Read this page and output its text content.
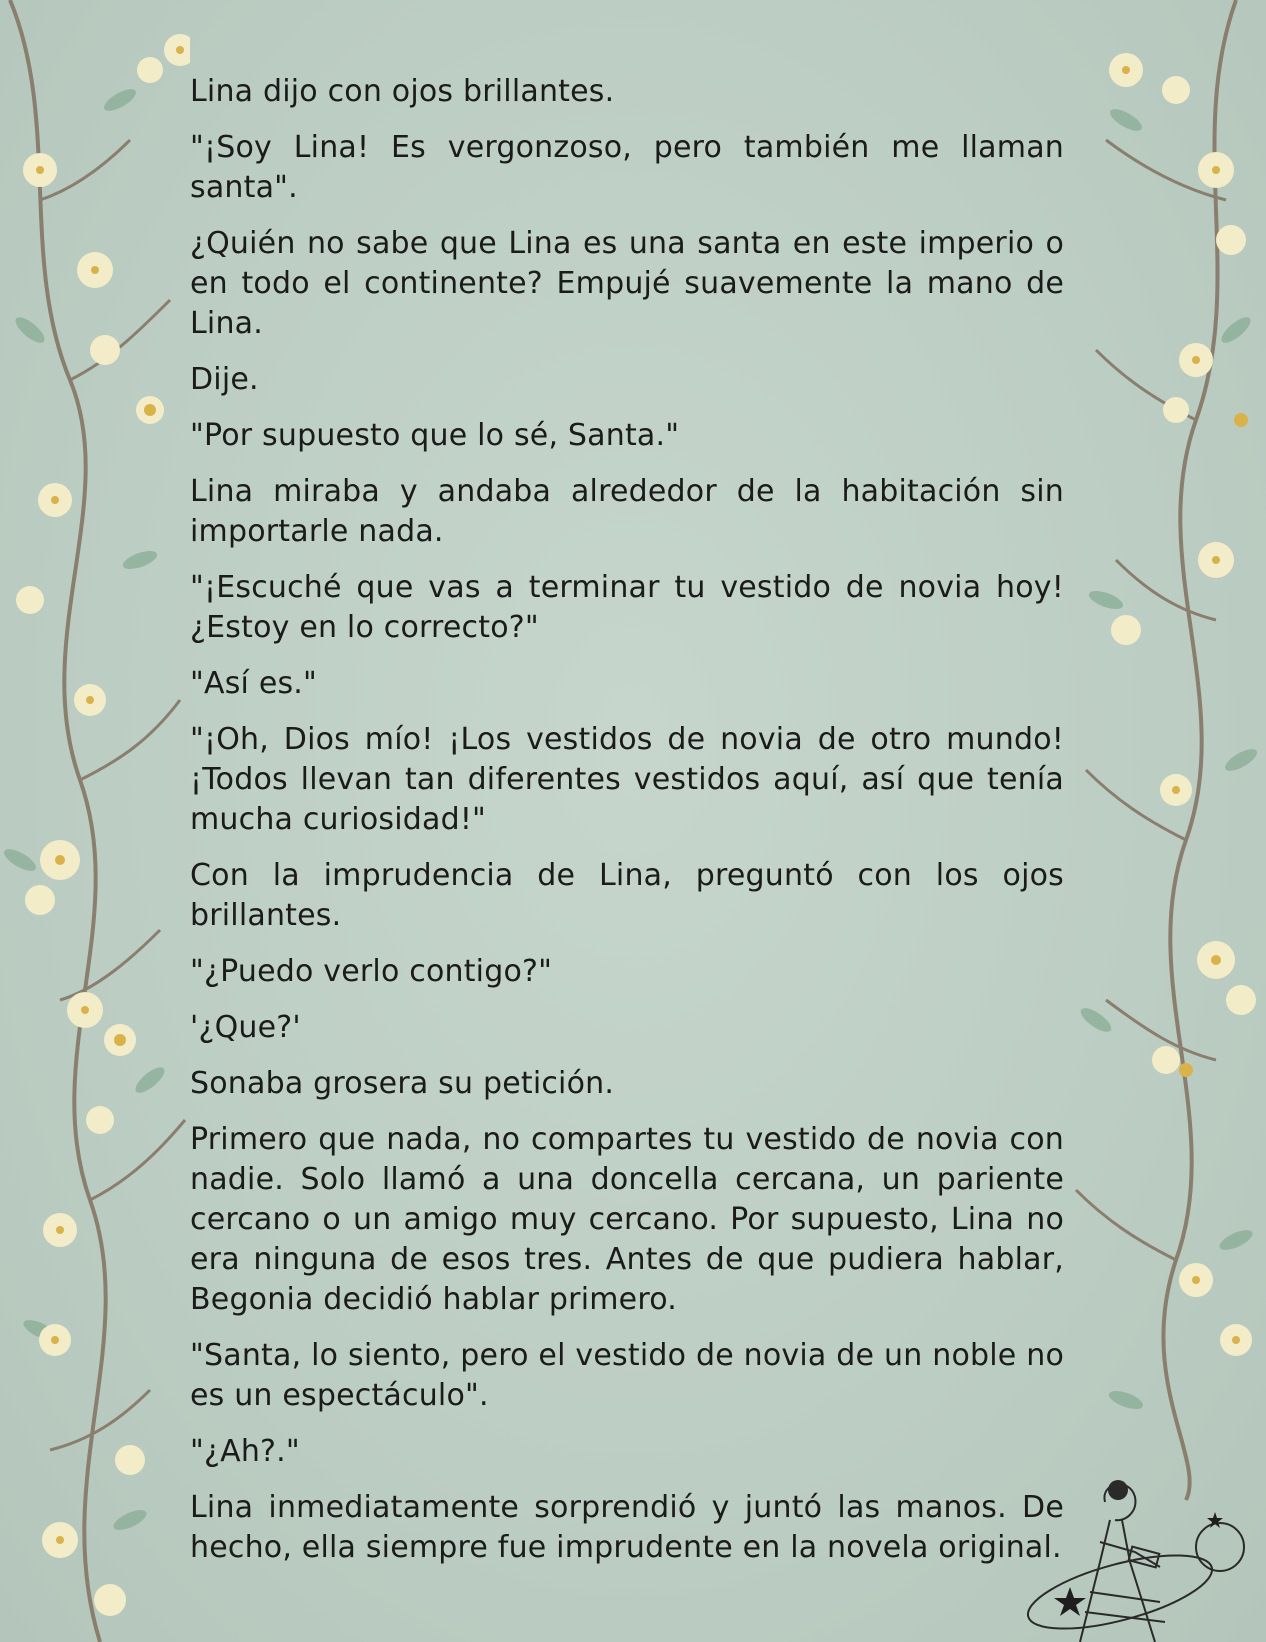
Lina dijo con ojos brillantes.

"¡Soy Lina! Es vergonzoso, pero también me llaman santa".

¿Quién no sabe que Lina es una santa en este imperio o en todo el continente? Empujé suavemente la mano de Lina.

Dije.

"Por supuesto que lo sé, Santa."

Lina miraba y andaba alrededor de la habitación sin importarle nada.

"¡Escuché que vas a terminar tu vestido de novia hoy! ¿Estoy en lo correcto?"

"Así es."

"¡Oh, Dios mío! ¡Los vestidos de novia de otro mundo! ¡Todos llevan tan diferentes vestidos aquí, así que tenía mucha curiosidad!"

Con la imprudencia de Lina, preguntó con los ojos brillantes.

"¿Puedo verlo contigo?"

'¿Que?'

Sonaba grosera su petición.

Primero que nada, no compartes tu vestido de novia con nadie. Solo llamó a una doncella cercana, un pariente cercano o un amigo muy cercano. Por supuesto, Lina no era ninguna de esos tres. Antes de que pudiera hablar, Begonia decidió hablar primero.

"Santa, lo siento, pero el vestido de novia de un noble no es un espectáculo".

"¿Ah?."

Lina inmediatamente sorprendió y juntó las manos. De hecho, ella siempre fue imprudente en la novela original.
